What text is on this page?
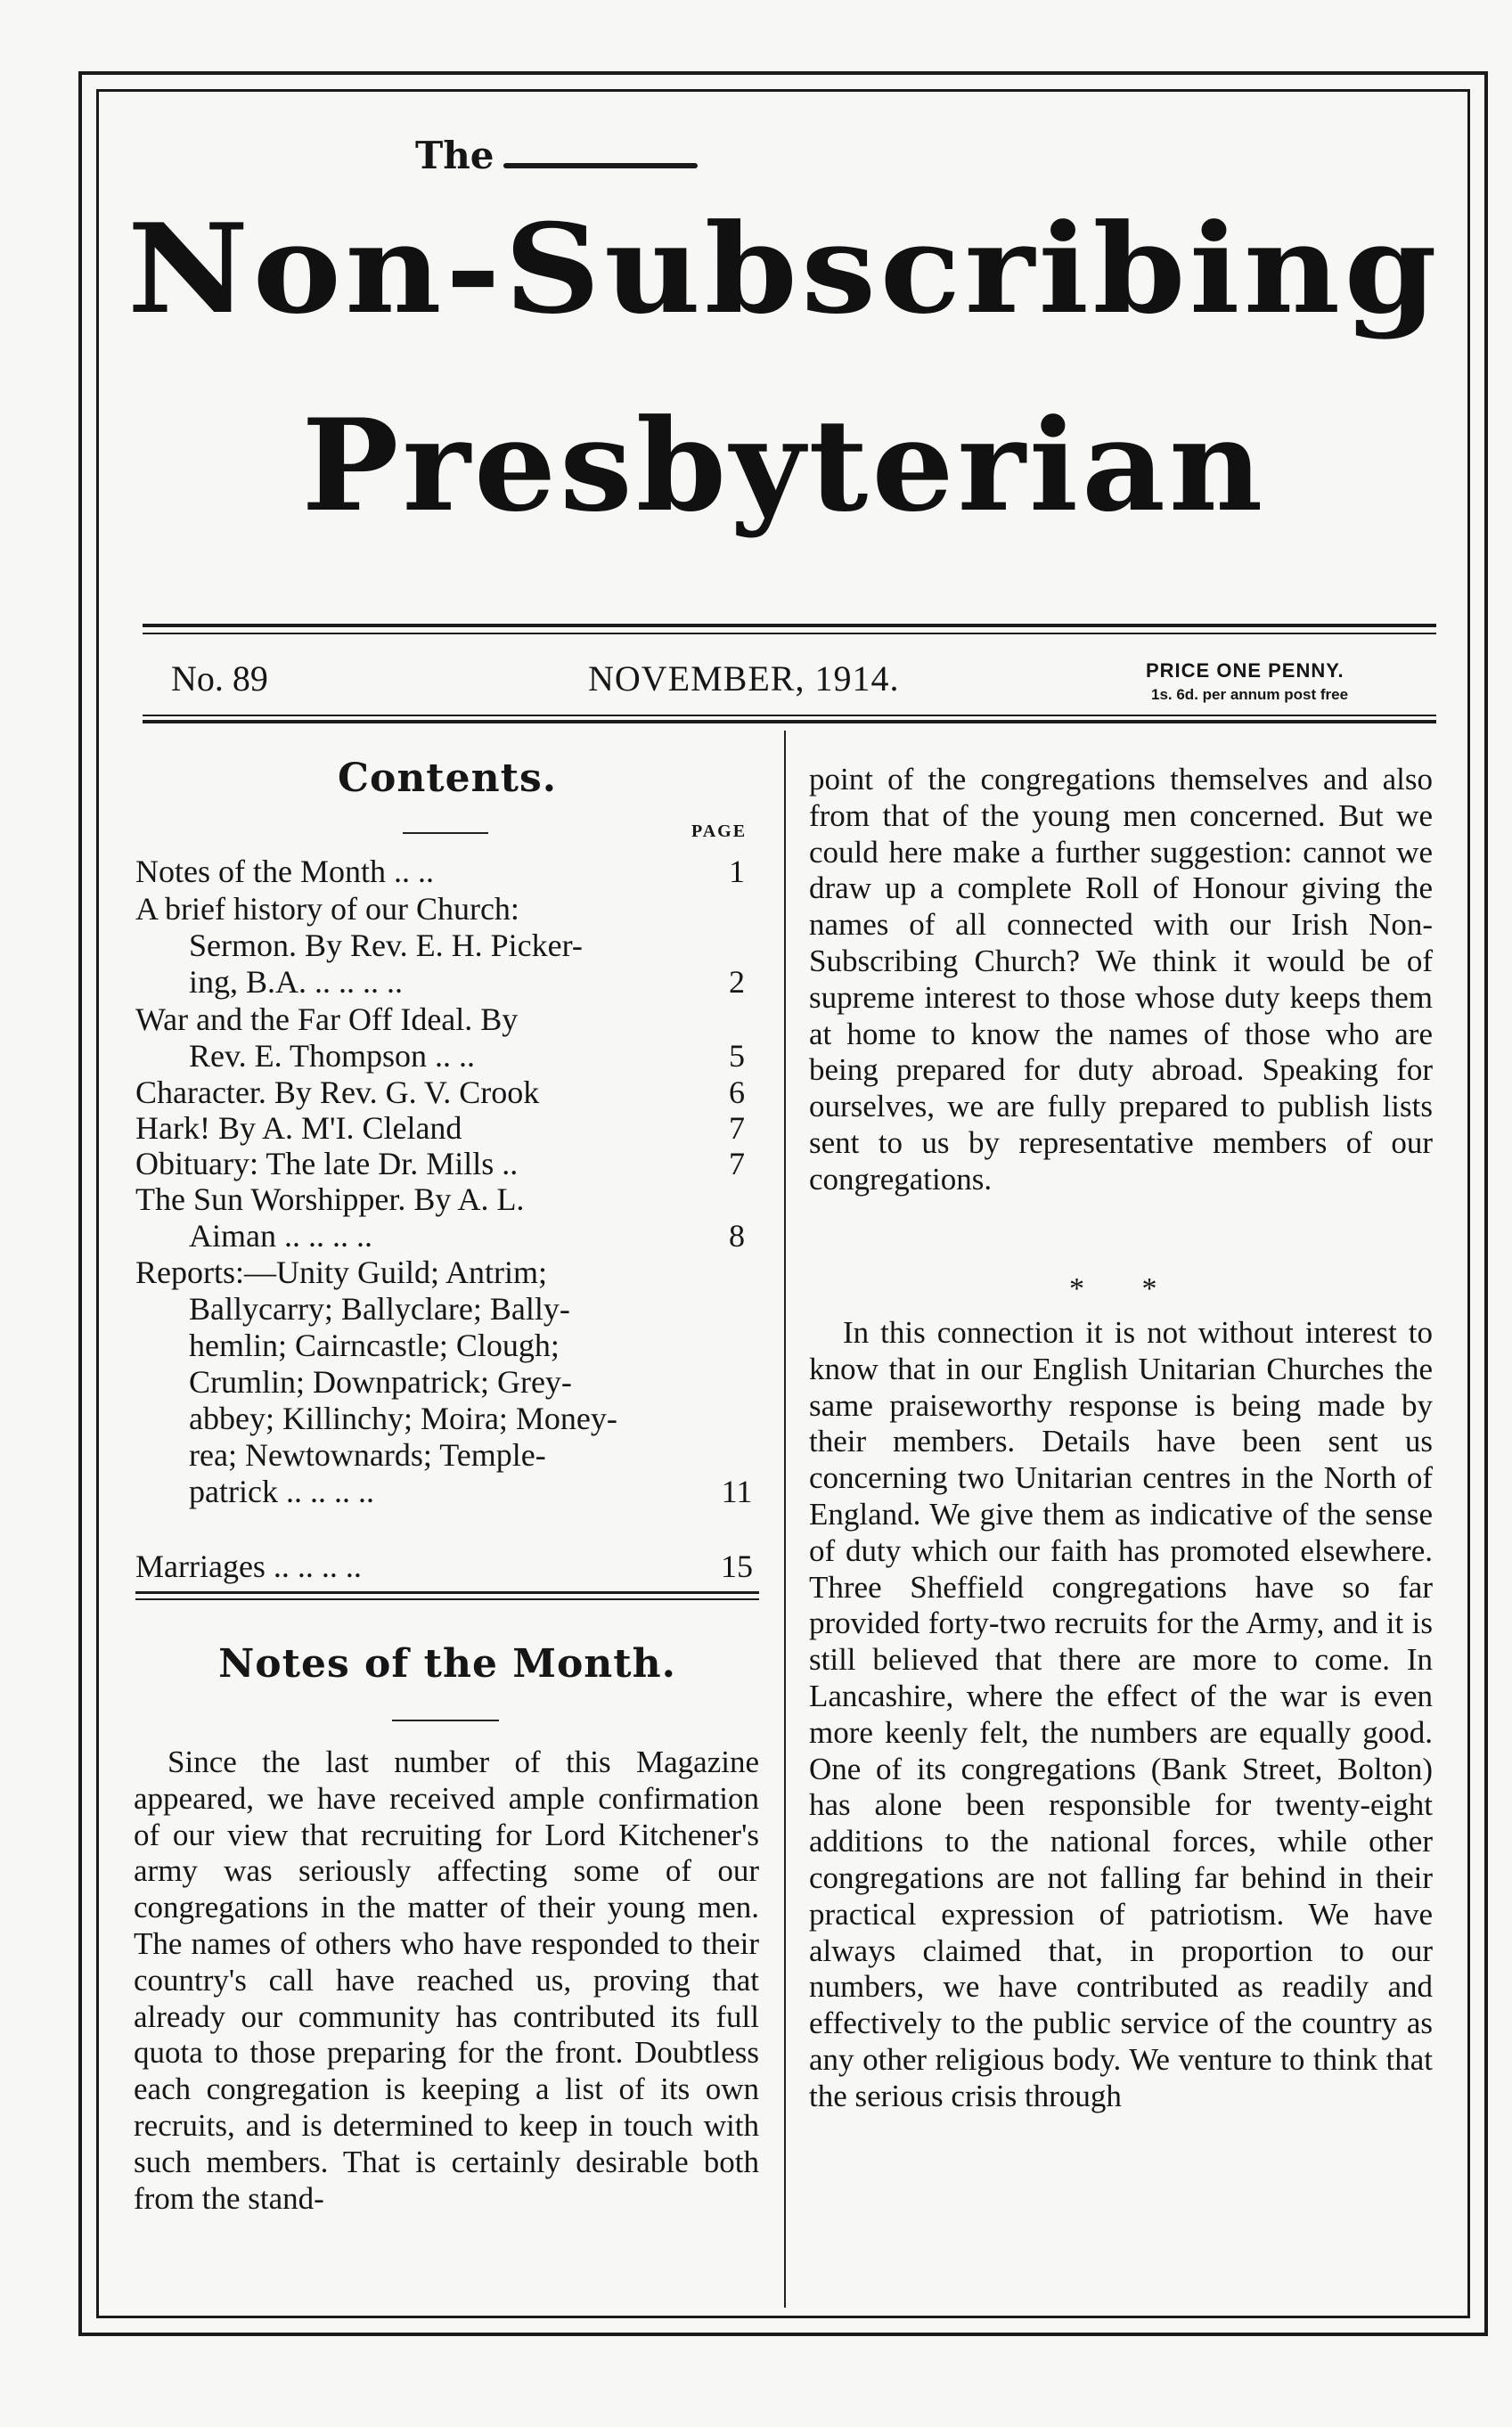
The
Non-Subscribing
Presbyterian
No. 89	NOVEMBER, 1914.	PRICE ONE PENNY.
1s. 6d. per annum post free
Contents.
PAGE
Notes of the Month .. ..	1
A brief history of our Church:
Sermon. By Rev. E. H. Picker-
ing, B.A. .. .. .. ..	2
War and the Far Off Ideal. By
Rev. E. Thompson .. ..	5
Character. By Rev. G. V. Crook	6
Hark! By A. M'I. Cleland	7
Obituary: The late Dr. Mills ..	7
The Sun Worshipper. By A. L.
Aiman .. .. .. ..	8
Reports:—Unity Guild; Antrim;
Ballycarry; Ballyclare; Bally-
hemlin; Cairncastle; Clough;
Crumlin; Downpatrick; Grey-
abbey; Killinchy; Moira; Money-
rea; Newtownards; Temple-
patrick .. .. .. ..	11
Marriages .. .. .. ..	15
Notes of the Month.

Since the last number of this Magazine appeared, we have received ample confirmation of our view that recruiting for Lord Kitchener's army was seriously affecting some of our congregations in the matter of their young men. The names of others who have responded to their country's call have reached us, proving that already our community has contributed its full quota to those preparing for the front. Doubtless each congregation is keeping a list of its own recruits, and is determined to keep in touch with such members. That is certainly desirable both from the stand-

point of the congregations themselves and also from that of the young men concerned. But we could here make a further suggestion: cannot we draw up a complete Roll of Honour giving the names of all connected with our Irish Non-Subscribing Church? We think it would be of supreme interest to those whose duty keeps them at home to know the names of those who are being prepared for duty abroad. Speaking for ourselves, we are fully prepared to publish lists sent to us by representative members of our congregations.

* *

In this connection it is not without interest to know that in our English Unitarian Churches the same praiseworthy response is being made by their members. Details have been sent us concerning two Unitarian centres in the North of England. We give them as indicative of the sense of duty which our faith has promoted elsewhere. Three Sheffield congregations have so far provided forty-two recruits for the Army, and it is still believed that there are more to come. In Lancashire, where the effect of the war is even more keenly felt, the numbers are equally good. One of its congregations (Bank Street, Bolton) has alone been responsible for twenty-eight additions to the national forces, while other congregations are not falling far behind in their practical expression of patriotism. We have always claimed that, in proportion to our numbers, we have contributed as readily and effectively to the public service of the country as any other religious body. We venture to think that the serious crisis through
